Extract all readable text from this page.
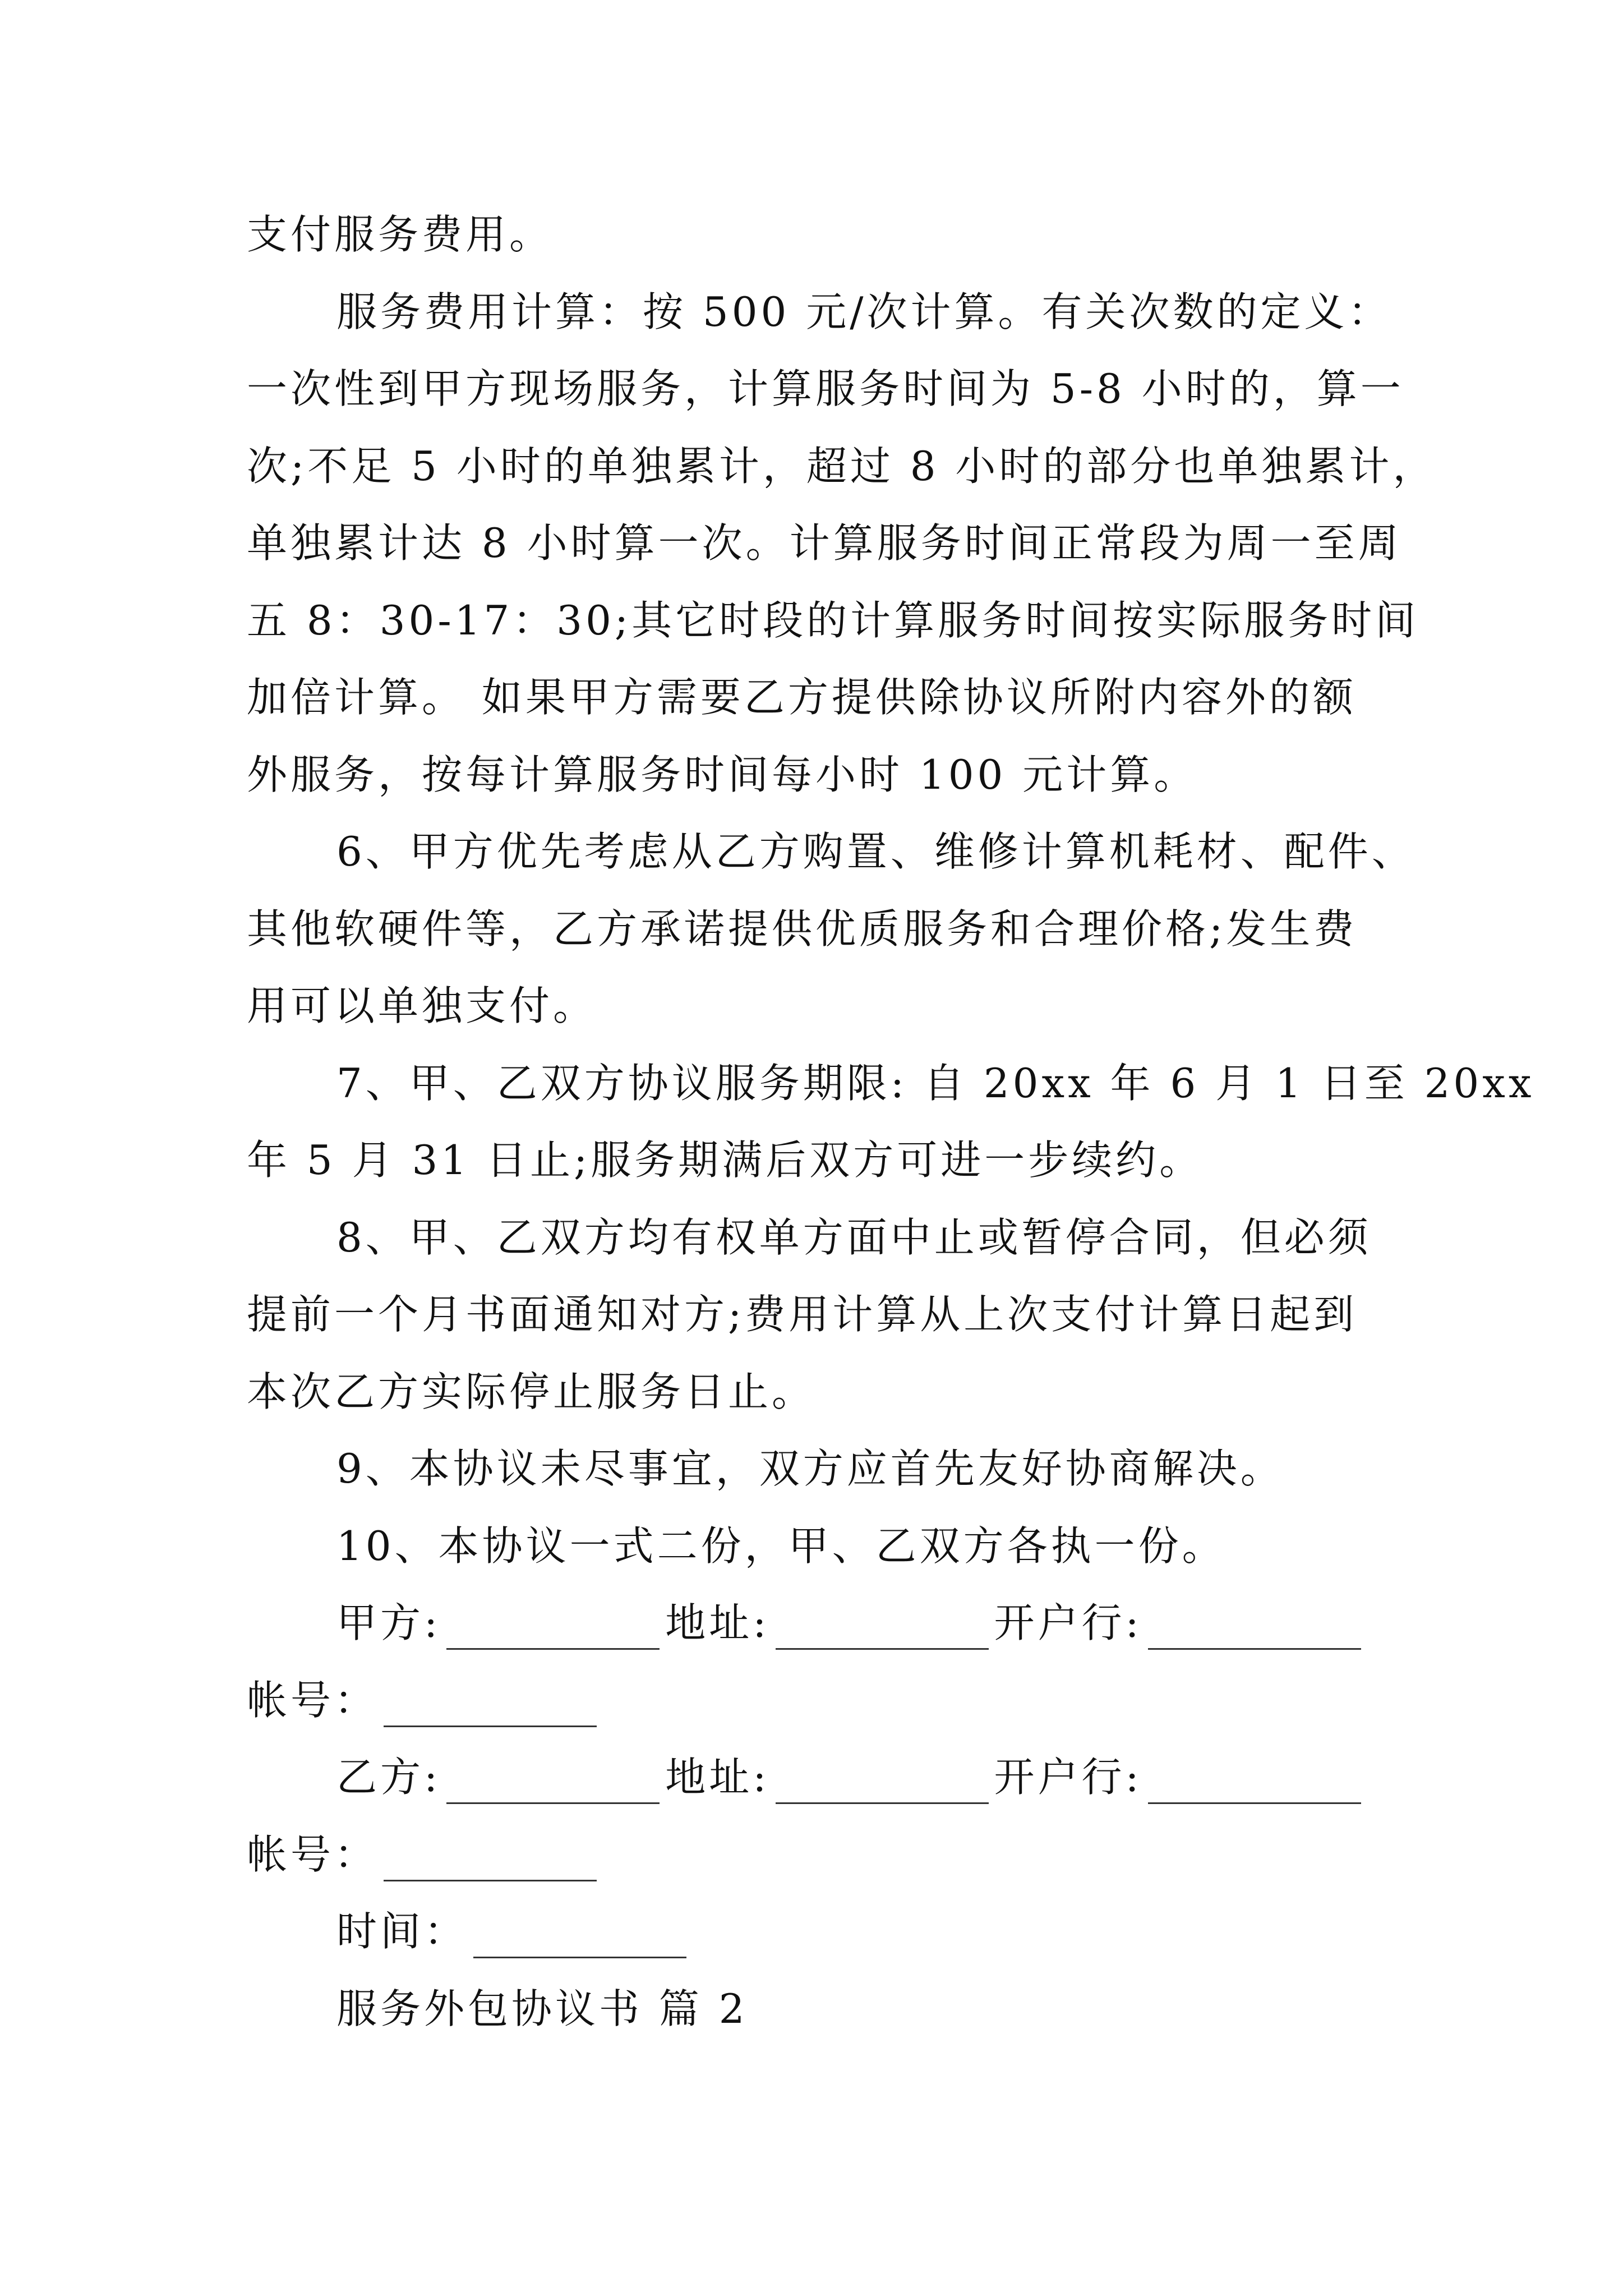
支付服务费用。
服务费用计算：按 500 元/次计算。有关次数的定义：
一次性到甲方现场服务，计算服务时间为 5-8 小时的，算一
次;不足 5 小时的单独累计，超过 8 小时的部分也单独累计，
单独累计达 8 小时算一次。计算服务时间正常段为周一至周
五 8：30-17：30;其它时段的计算服务时间按实际服务时间
加倍计算。 如果甲方需要乙方提供除协议所附内容外的额
外服务，按每计算服务时间每小时 100 元计算。
6、甲方优先考虑从乙方购置、维修计算机耗材、配件、
其他软硬件等，乙方承诺提供优质服务和合理价格;发生费
用可以单独支付。
7、甲、乙双方协议服务期限: 自 20xx 年 6 月 1 日至 20xx
年 5 月 31 日止;服务期满后双方可进一步续约。
8、甲、乙双方均有权单方面中止或暂停合同，但必须
提前一个月书面通知对方;费用计算从上次支付计算日起到
本次乙方实际停止服务日止。
9、本协议未尽事宜，双方应首先友好协商解决。
10、本协议一式二份，甲、乙双方各执一份。
甲方:	地址:	开户行:
帐号：
乙方:	地址:	开户行:
帐号：
时间：
服务外包协议书 篇 2
